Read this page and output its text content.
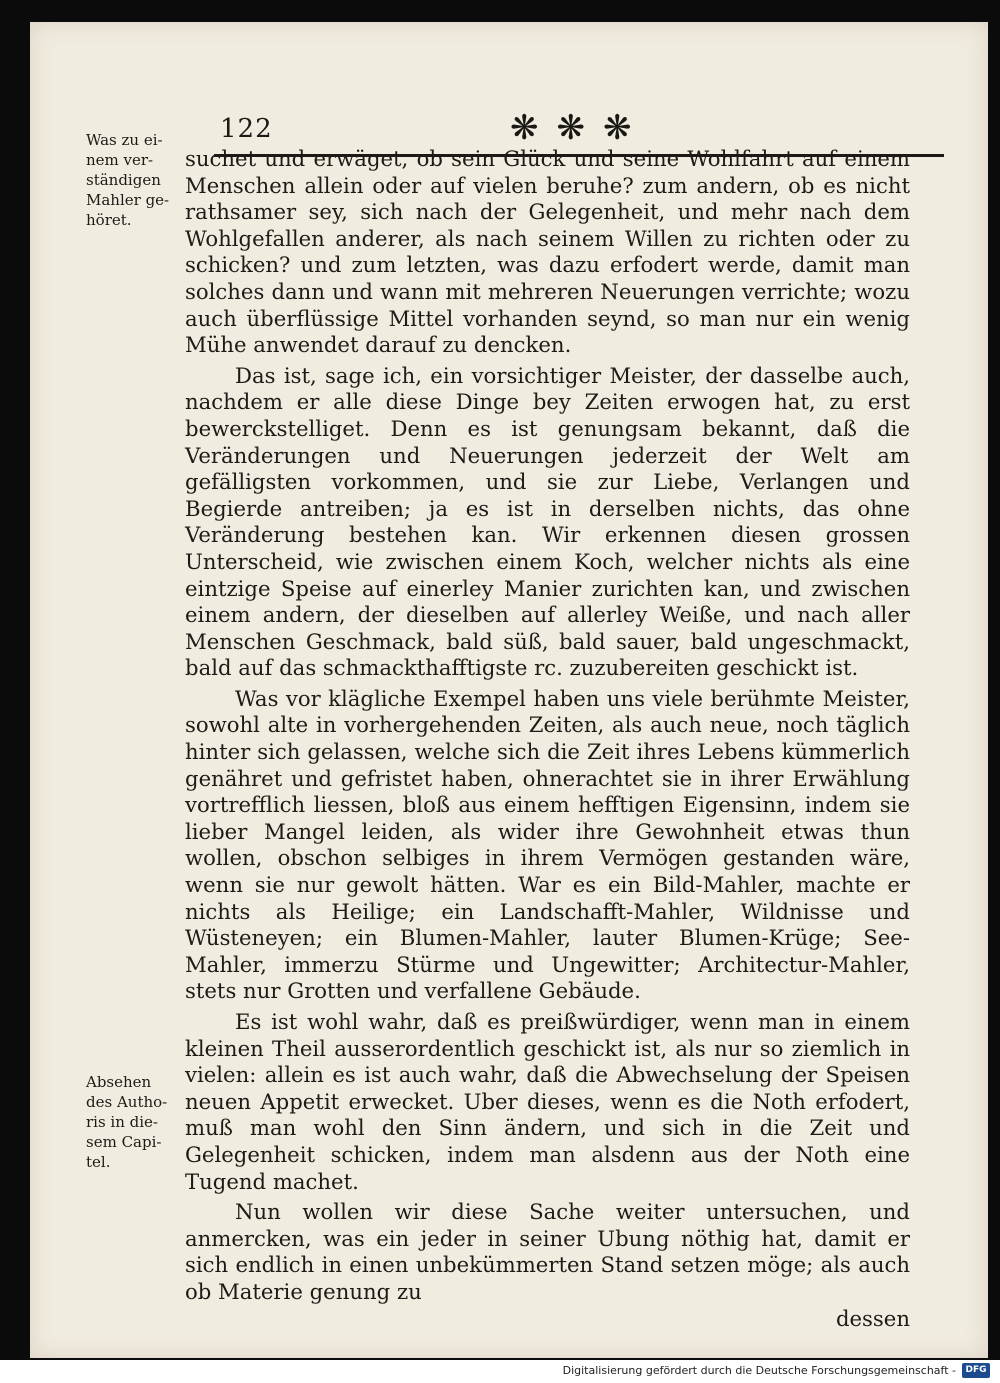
122	❋❋❋
Was zu ei-
nem ver-
ständigen
Mahler ge-
höret.
Absehen
des Autho-
ris in die-
sem Capi-
tel.

suchet und erwäget, ob sein Glück und seine Wohlfahrt auf einem Menschen allein oder auf vielen beruhe? zum andern, ob es nicht rathsamer sey, sich nach der Gelegenheit, und mehr nach dem Wohlgefallen anderer, als nach seinem Willen zu richten oder zu schicken? und zum letzten, was dazu erfodert werde, damit man solches dann und wann mit mehreren Neuerungen verrichte; wozu auch überflüssige Mittel vorhanden seynd, so man nur ein wenig Mühe anwendet darauf zu dencken.

Das ist, sage ich, ein vorsichtiger Meister, der dasselbe auch, nachdem er alle diese Dinge bey Zeiten erwogen hat, zu erst bewerckstelliget. Denn es ist genungsam bekannt, daß die Veränderungen und Neuerungen jederzeit der Welt am gefälligsten vorkommen, und sie zur Liebe, Verlangen und Begierde antreiben; ja es ist in derselben nichts, das ohne Veränderung bestehen kan. Wir erkennen diesen grossen Unterscheid, wie zwischen einem Koch, welcher nichts als eine eintzige Speise auf einerley Manier zurichten kan, und zwischen einem andern, der dieselben auf allerley Weiße, und nach aller Menschen Geschmack, bald süß, bald sauer, bald ungeschmackt, bald auf das schmackthafftigste rc. zuzubereiten geschickt ist.

Was vor klägliche Exempel haben uns viele berühmte Meister, sowohl alte in vorhergehenden Zeiten, als auch neue, noch täglich hinter sich gelassen, welche sich die Zeit ihres Lebens kümmerlich genähret und gefristet haben, ohnerachtet sie in ihrer Erwählung vortrefflich liessen, bloß aus einem hefftigen Eigensinn, indem sie lieber Mangel leiden, als wider ihre Gewohnheit etwas thun wollen, obschon selbiges in ihrem Vermögen gestanden wäre, wenn sie nur gewolt hätten. War es ein Bild-Mahler, machte er nichts als Heilige; ein Landschafft-Mahler, Wildnisse und Wüsteneyen; ein Blumen-Mahler, lauter Blumen-Krüge; See-Mahler, immerzu Stürme und Ungewitter; Architectur-Mahler, stets nur Grotten und verfallene Gebäude.

Es ist wohl wahr, daß es preißwürdiger, wenn man in einem kleinen Theil ausserordentlich geschickt ist, als nur so ziemlich in vielen: allein es ist auch wahr, daß die Abwechselung der Speisen neuen Appetit erwecket. Uber dieses, wenn es die Noth erfodert, muß man wohl den Sinn ändern, und sich in die Zeit und Gelegenheit schicken, indem man alsdenn aus der Noth eine Tugend machet.

Nun wollen wir diese Sache weiter untersuchen, und anmercken, was ein jeder in seiner Ubung nöthig hat, damit er sich endlich in einen unbekümmerten Stand setzen möge; als auch ob Materie genung zu

dessen

Digitalisierung gefördert durch die Deutsche Forschungsgemeinschaft -	DFG
